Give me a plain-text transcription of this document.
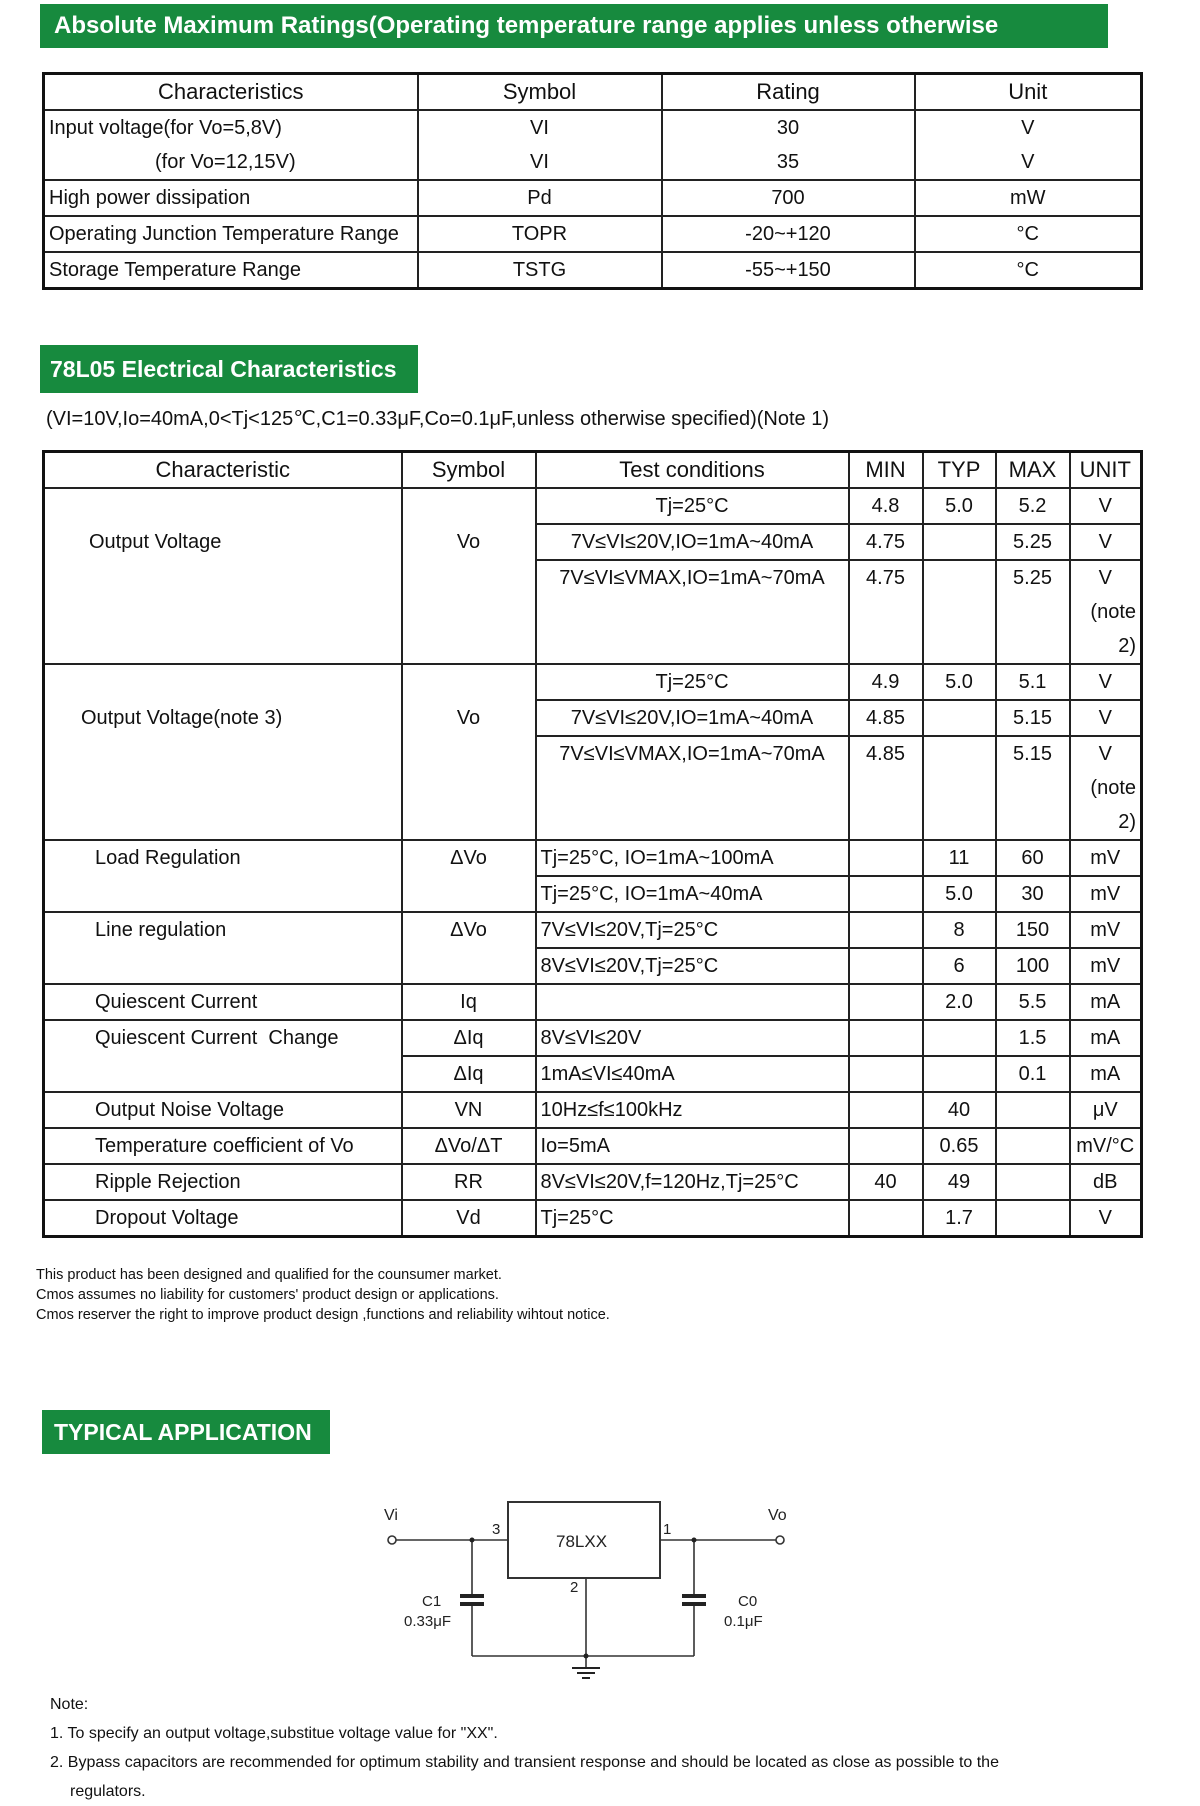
Absolute Maximum Ratings(Operating temperature range applies unless otherwise specified)
Characteristics	Symbol	Rating	Unit
Input voltage(for Vo=5,8V)	VI	30	V
(for Vo=12,15V)	VI	35	V
High power dissipation	Pd	700	mW
Operating Junction Temperature Range	TOPR	-20~+120	°C
Storage Temperature Range	TSTG	-55~+150	°C
78L05 Electrical Characteristics
(VI=10V,Io=40mA,0<Tj<125℃,C1=0.33μF,Co=0.1μF,unless otherwise specified)(Note 1)
Characteristic	Symbol	Test conditions	MIN	TYP	MAX	UNIT
Output Voltage	Vo	Tj=25°C	4.8	5.0	5.2	V
		7V≤VI≤20V,IO=1mA~40mA	4.75		5.25	V
		7V≤VI≤VMAX,IO=1mA~70mA	4.75		5.25	V
						(note
						2)
Output Voltage(note 3)	Vo	Tj=25°C	4.9	5.0	5.1	V
		7V≤VI≤20V,IO=1mA~40mA	4.85		5.15	V
		7V≤VI≤VMAX,IO=1mA~70mA	4.85		5.15	V
						(note
						2)
Load Regulation	ΔVo	Tj=25°C, IO=1mA~100mA		11	60	mV
		Tj=25°C, IO=1mA~40mA		5.0	30	mV
Line regulation	ΔVo	7V≤VI≤20V,Tj=25°C		8	150	mV
		8V≤VI≤20V,Tj=25°C		6	100	mV
Quiescent Current	Iq			2.0	5.5	mA
Quiescent Current  Change	ΔIq	8V≤VI≤20V			1.5	mA
	ΔIq	1mA≤VI≤40mA			0.1	mA
Output Noise Voltage	VN	10Hz≤f≤100kHz		40		μV
Temperature coefficient of Vo	ΔVo/ΔT	Io=5mA		0.65		mV/°C
Ripple Rejection	RR	8V≤VI≤20V,f=120Hz,Tj=25°C	40	49		dB
Dropout Voltage	Vd	Tj=25°C		1.7		V
This product has been designed and qualified for the counsumer market.
Cmos assumes no liability for customers' product design or applications.
Cmos reserver the right to improve product design ,functions and reliability wihtout notice.
TYPICAL APPLICATION
Vi	Vo
78LXX
3	1
2
C1
0.33μF
C0
0.1μF
Note:
1. To specify an output voltage,substitue voltage value for "XX".
2. Bypass capacitors are recommended for optimum stability and transient response and should be located as close as possible to the
regulators.
